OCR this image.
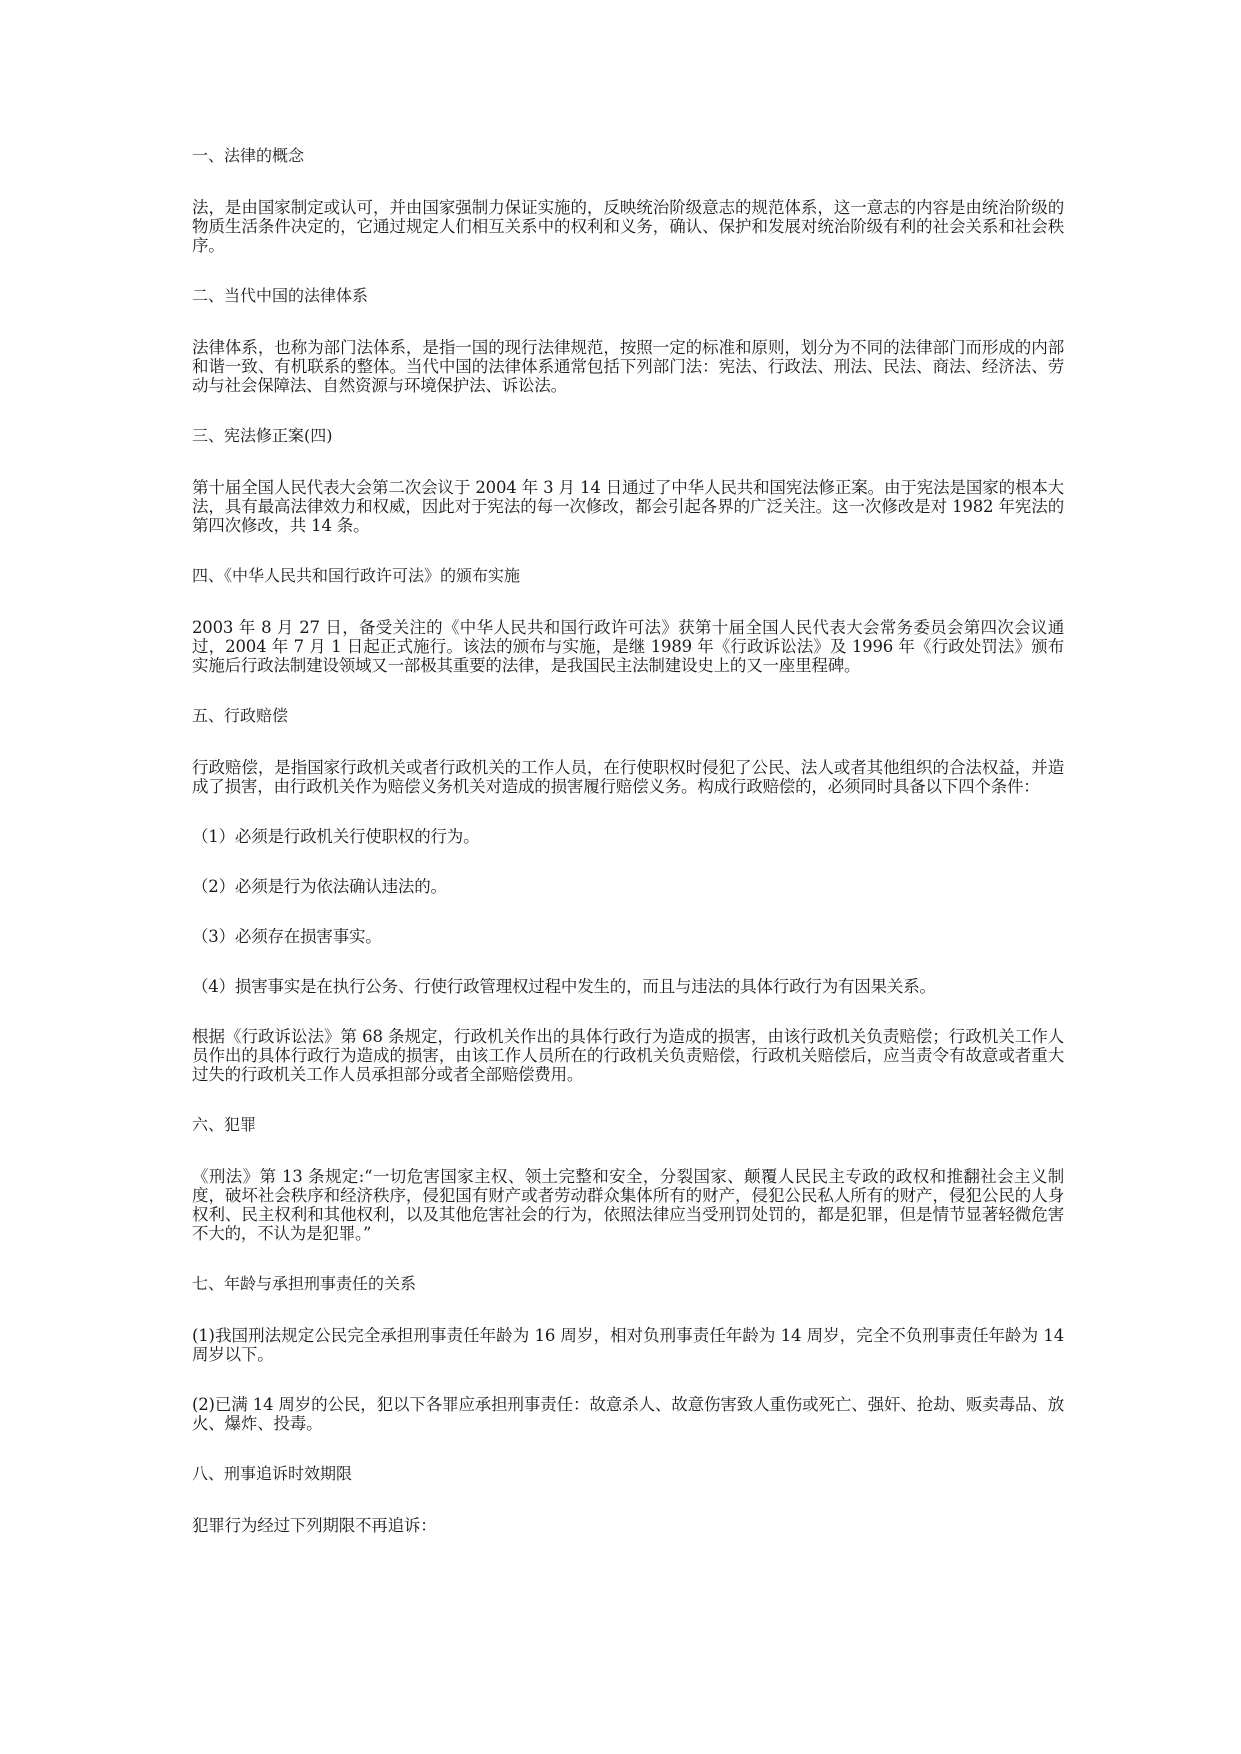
一、法律的概念

法，是由国家制定或认可，并由国家强制力保证实施的，反映统治阶级意志的规范体系，这一意志的内容是由统治阶级的物质生活条件决定的，它通过规定人们相互关系中的权利和义务，确认、保护和发展对统治阶级有利的社会关系和社会秩序。

二、当代中国的法律体系

法律体系，也称为部门法体系，是指一国的现行法律规范，按照一定的标准和原则，划分为不同的法律部门而形成的内部和谐一致、有机联系的整体。当代中国的法律体系通常包括下列部门法：宪法、行政法、刑法、民法、商法、经济法、劳动与社会保障法、自然资源与环境保护法、诉讼法。

三、宪法修正案(四)

第十届全国人民代表大会第二次会议于 2004 年 3 月 14 日通过了中华人民共和国宪法修正案。由于宪法是国家的根本大法，具有最高法律效力和权威，因此对于宪法的每一次修改，都会引起各界的广泛关注。这一次修改是对 1982 年宪法的第四次修改，共 14 条。

四、《中华人民共和国行政许可法》的颁布实施

2003 年 8 月 27 日，备受关注的《中华人民共和国行政许可法》获第十届全国人民代表大会常务委员会第四次会议通过，2004 年 7 月 1 日起正式施行。该法的颁布与实施，是继 1989 年《行政诉讼法》及 1996 年《行政处罚法》颁布实施后行政法制建设领域又一部极其重要的法律，是我国民主法制建设史上的又一座里程碑。

五、行政赔偿

行政赔偿，是指国家行政机关或者行政机关的工作人员，在行使职权时侵犯了公民、法人或者其他组织的合法权益，并造成了损害，由行政机关作为赔偿义务机关对造成的损害履行赔偿义务。构成行政赔偿的，必须同时具备以下四个条件：

（1）必须是行政机关行使职权的行为。
（2）必须是行为依法确认违法的。
（3）必须存在损害事实。
（4）损害事实是在执行公务、行使行政管理权过程中发生的，而且与违法的具体行政行为有因果关系。

根据《行政诉讼法》第 68 条规定，行政机关作出的具体行政行为造成的损害，由该行政机关负责赔偿；行政机关工作人员作出的具体行政行为造成的损害，由该工作人员所在的行政机关负责赔偿，行政机关赔偿后，应当责令有故意或者重大过失的行政机关工作人员承担部分或者全部赔偿费用。

六、犯罪

《刑法》第 13 条规定:“一切危害国家主权、领土完整和安全，分裂国家、颠覆人民民主专政的政权和推翻社会主义制度，破坏社会秩序和经济秩序，侵犯国有财产或者劳动群众集体所有的财产，侵犯公民私人所有的财产，侵犯公民的人身权利、民主权利和其他权利，以及其他危害社会的行为，依照法律应当受刑罚处罚的，都是犯罪，但是情节显著轻微危害不大的，不认为是犯罪。”

七、年龄与承担刑事责任的关系

(1)我国刑法规定公民完全承担刑事责任年龄为 16 周岁，相对负刑事责任年龄为 14 周岁，完全不负刑事责任年龄为 14 周岁以下。

(2)已满 14 周岁的公民，犯以下各罪应承担刑事责任：故意杀人、故意伤害致人重伤或死亡、强奸、抢劫、贩卖毒品、放火、爆炸、投毒。

八、刑事追诉时效期限

犯罪行为经过下列期限不再追诉：
